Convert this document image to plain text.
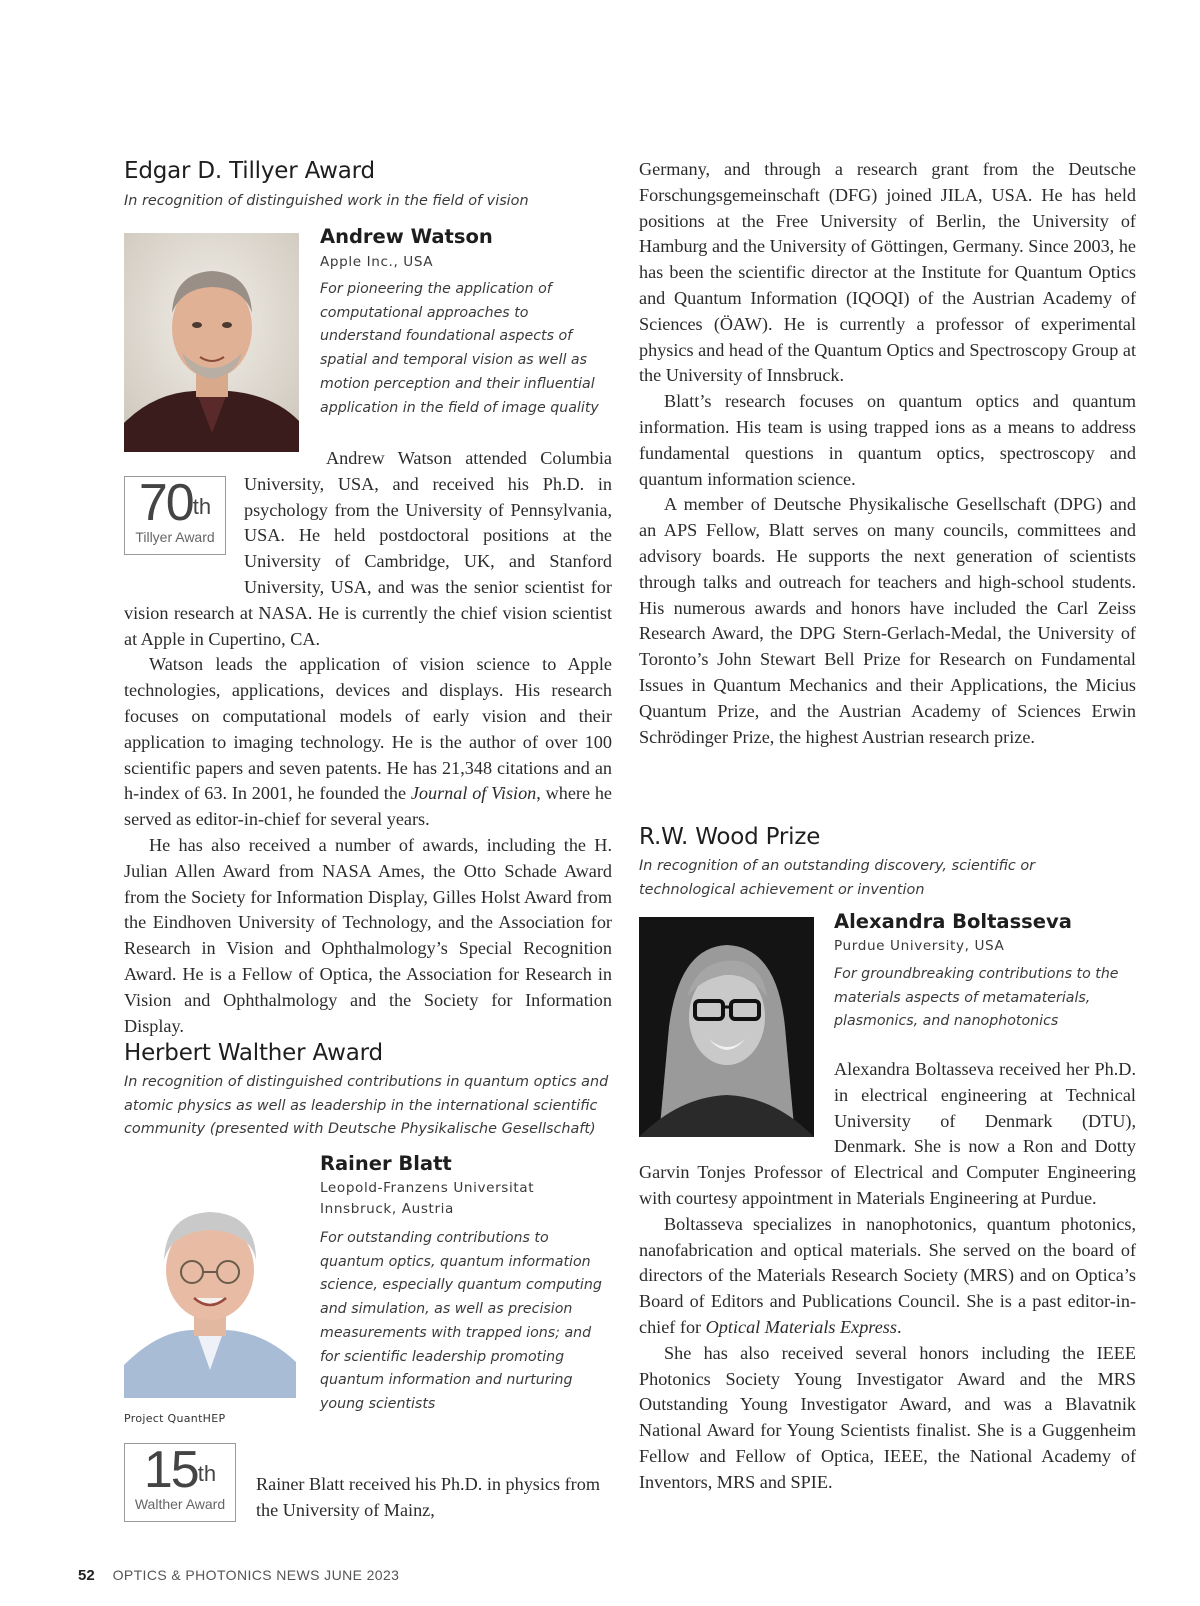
Edgar D. Tillyer Award

In recognition of distinguished work in the field of vision

Andrew Watson

Apple Inc., USA

For pioneering the application of computational approaches to understand foundational aspects of spatial and temporal vision as well as motion perception and their influential application in the field of image quality

Andrew Watson attended Columbia University, USA, and received his Ph.D. in psychology from the University of Pennsylvania, USA. He held postdoctoral positions at the University of Cambridge, UK, and Stanford University, USA, and was the senior scientist for vision research at NASA. He is currently the chief vision scientist at Apple in Cupertino, CA.

Watson leads the application of vision science to Apple technologies, applications, devices and displays. His research focuses on computational models of early vision and their application to imaging technology. He is the author of over 100 scientific papers and seven patents. He has 21,348 citations and an h-index of 63. In 2001, he founded the Journal of Vision, where he served as editor-in-chief for several years.

He has also received a number of awards, including the H. Julian Allen Award from NASA Ames, the Otto Schade Award from the Society for Information Display, Gilles Holst Award from the Eindhoven University of Technology, and the Association for Research in Vision and Ophthalmology’s Special Recognition Award. He is a Fellow of Optica, the Association for Research in Vision and Ophthalmology and the Society for Information Display.

70th
Tillyer Award
Herbert Walther Award

In recognition of distinguished contributions in quantum optics and atomic physics as well as leadership in the international scientific community (presented with Deutsche Physikalische Gesellschaft)

Project QuantHEP
Rainer Blatt

Leopold-Franzens Universitat

Innsbruck, Austria

For outstanding contributions to quantum optics, quantum information science, especially quantum computing and simulation, as well as precision measurements with trapped ions; and for scientific leadership promoting quantum information and nurturing young scientists

15th
Walther Award

Rainer Blatt received his Ph.D. in physics from the University of Mainz,

Germany, and through a research grant from the Deutsche Forschungsgemeinschaft (DFG) joined JILA, USA. He has held positions at the Free University of Berlin, the University of Hamburg and the University of Göttingen, Germany. Since 2003, he has been the scientific director at the Institute for Quantum Optics and Quantum Information (IQOQI) of the Austrian Academy of Sciences (ÖAW). He is currently a professor of experimental physics and head of the Quantum Optics and Spectroscopy Group at the University of Innsbruck.

Blatt’s research focuses on quantum optics and quantum information. His team is using trapped ions as a means to address fundamental questions in quantum optics, spectroscopy and quantum information science.

A member of Deutsche Physikalische Gesellschaft (DPG) and an APS Fellow, Blatt serves on many councils, committees and advisory boards. He supports the next generation of scientists through talks and outreach for teachers and high-school students. His numerous awards and honors have included the Carl Zeiss Research Award, the DPG Stern-Gerlach-Medal, the University of Toronto’s John Stewart Bell Prize for Research on Fundamental Issues in Quantum Mechanics and their Applications, the Micius Quantum Prize, and the Austrian Academy of Sciences Erwin Schrödinger Prize, the highest Austrian research prize.

R.W. Wood Prize

In recognition of an outstanding discovery, scientific or technological achievement or invention

Alexandra Boltasseva

Purdue University, USA

For groundbreaking contributions to the materials aspects of metamaterials, plasmonics, and nanophotonics

Alexandra Boltasseva received her Ph.D. in electrical engineering at Technical University of Denmark (DTU), Denmark. She is now a Ron and Dotty Garvin Tonjes Professor of Electrical and Computer Engineering with courtesy appointment in Materials Engineering at Purdue.

Boltasseva specializes in nanophotonics, quantum photonics, nanofabrication and optical materials. She served on the board of directors of the Materials Research Society (MRS) and on Optica’s Board of Editors and Publications Council. She is a past editor-in-chief for Optical Materials Express.

She has also received several honors including the IEEE Photonics Society Young Investigator Award and the MRS Outstanding Young Investigator Award, and was a Blavatnik National Award for Young Scientists finalist. She is a Guggenheim Fellow and Fellow of Optica, IEEE, the National Academy of Inventors, MRS and SPIE.

52 OPTICS & PHOTONICS NEWS JUNE 2023
